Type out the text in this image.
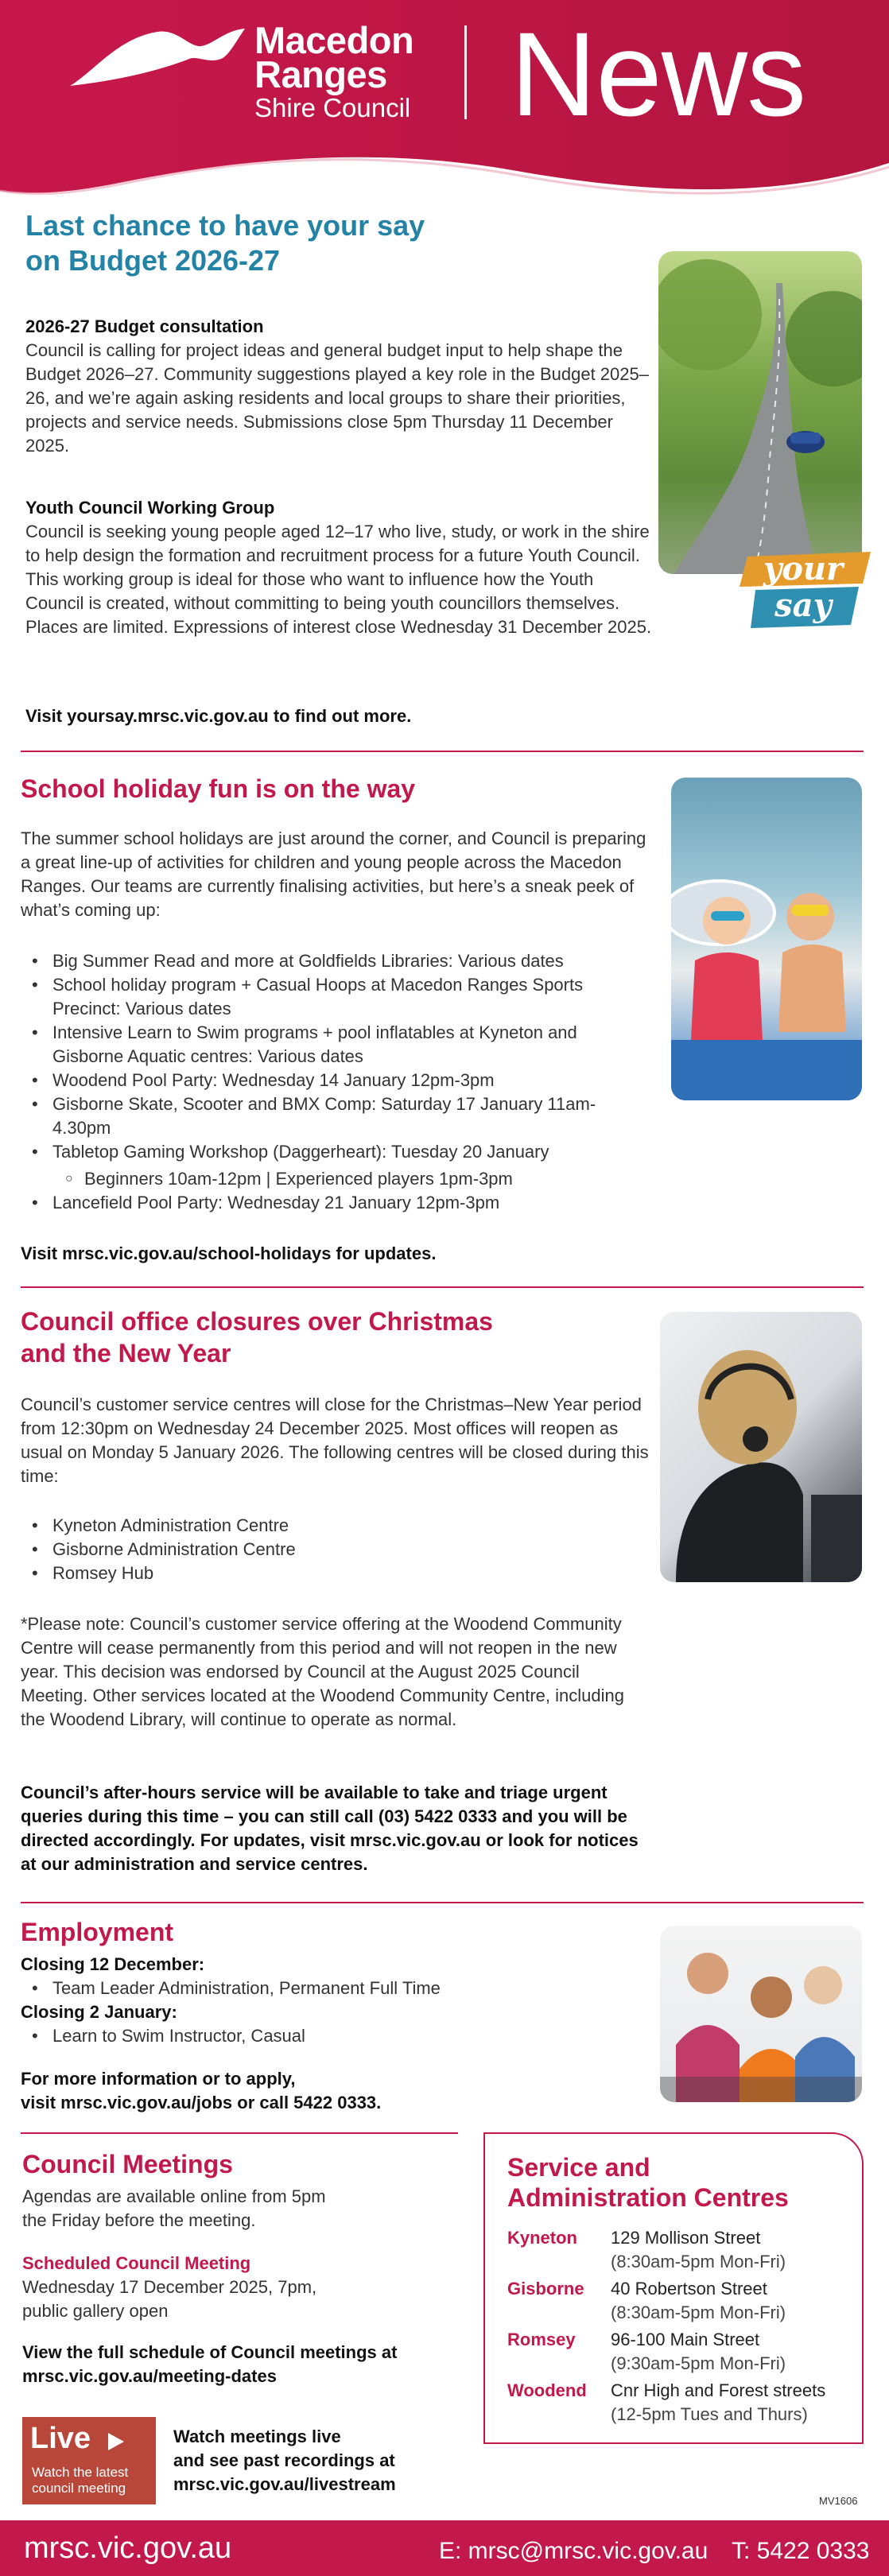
Macedon
Ranges
Shire Council News
Last chance to have your say
on Budget 2026-27
2026-27 Budget consultation
Council is calling for project ideas and general budget input to help shape the Budget 2026–27. Community suggestions played a key role in the Budget 2025–26, and we’re again asking residents and local groups to share their priorities, projects and service needs. Submissions close 5pm Thursday 11 December 2025.
Youth Council Working Group
Council is seeking young people aged 12–17 who live, study, or work in the shire to help design the formation and recruitment process for a future Youth Council. This working group is ideal for those who want to influence how the Youth Council is created, without committing to being youth councillors themselves. Places are limited. Expressions of interest close Wednesday 31 December 2025.
Visit yoursay.mrsc.vic.gov.au to find out more.
your
say
School holiday fun is on the way
The summer school holidays are just around the corner, and Council is preparing a great line-up of activities for children and young people across the Macedon Ranges. Our teams are currently finalising activities, but here’s a sneak peek of what’s coming up:
• Big Summer Read and more at Goldfields Libraries: Various dates
• School holiday program + Casual Hoops at Macedon Ranges Sports Precinct: Various dates
• Intensive Learn to Swim programs + pool inflatables at Kyneton and Gisborne Aquatic centres: Various dates
• Woodend Pool Party: Wednesday 14 January 12pm-3pm
• Gisborne Skate, Scooter and BMX Comp: Saturday 17 January 11am-4.30pm
• Tabletop Gaming Workshop (Daggerheart): Tuesday 20 January
○ Beginners 10am-12pm | Experienced players 1pm-3pm
• Lancefield Pool Party: Wednesday 21 January 12pm-3pm
Visit mrsc.vic.gov.au/school-holidays for updates.
Council office closures over Christmas
and the New Year
Council’s customer service centres will close for the Christmas–New Year period from 12:30pm on Wednesday 24 December 2025. Most offices will reopen as usual on Monday 5 January 2026. The following centres will be closed during this time:
• Kyneton Administration Centre
• Gisborne Administration Centre
• Romsey Hub
*Please note: Council’s customer service offering at the Woodend Community Centre will cease permanently from this period and will not reopen in the new year. This decision was endorsed by Council at the August 2025 Council Meeting. Other services located at the Woodend Community Centre, including the Woodend Library, will continue to operate as normal.
Council’s after-hours service will be available to take and triage urgent queries during this time – you can still call (03) 5422 0333 and you will be directed accordingly. For updates, visit mrsc.vic.gov.au or look for notices at our administration and service centres.
Employment
Closing 12 December:
• Team Leader Administration, Permanent Full Time
Closing 2 January:
• Learn to Swim Instructor, Casual
For more information or to apply,
visit mrsc.vic.gov.au/jobs or call 5422 0333.
Council Meetings
Agendas are available online from 5pm
the Friday before the meeting.
Scheduled Council Meeting
Wednesday 17 December 2025, 7pm,
public gallery open
View the full schedule of Council meetings at
mrsc.vic.gov.au/meeting-dates
Live
Watch the latest
council meeting
Watch meetings live
and see past recordings at
mrsc.vic.gov.au/livestream
Service and
Administration Centres
Kyneton	129 Mollison Street
(8:30am-5pm Mon-Fri)
Gisborne	40 Robertson Street
(8:30am-5pm Mon-Fri)
Romsey	96-100 Main Street
(9:30am-5pm Mon-Fri)
Woodend	Cnr High and Forest streets
(12-5pm Tues and Thurs)
MV1606
mrsc.vic.gov.au	E: mrsc@mrsc.vic.gov.au T: 5422 0333
